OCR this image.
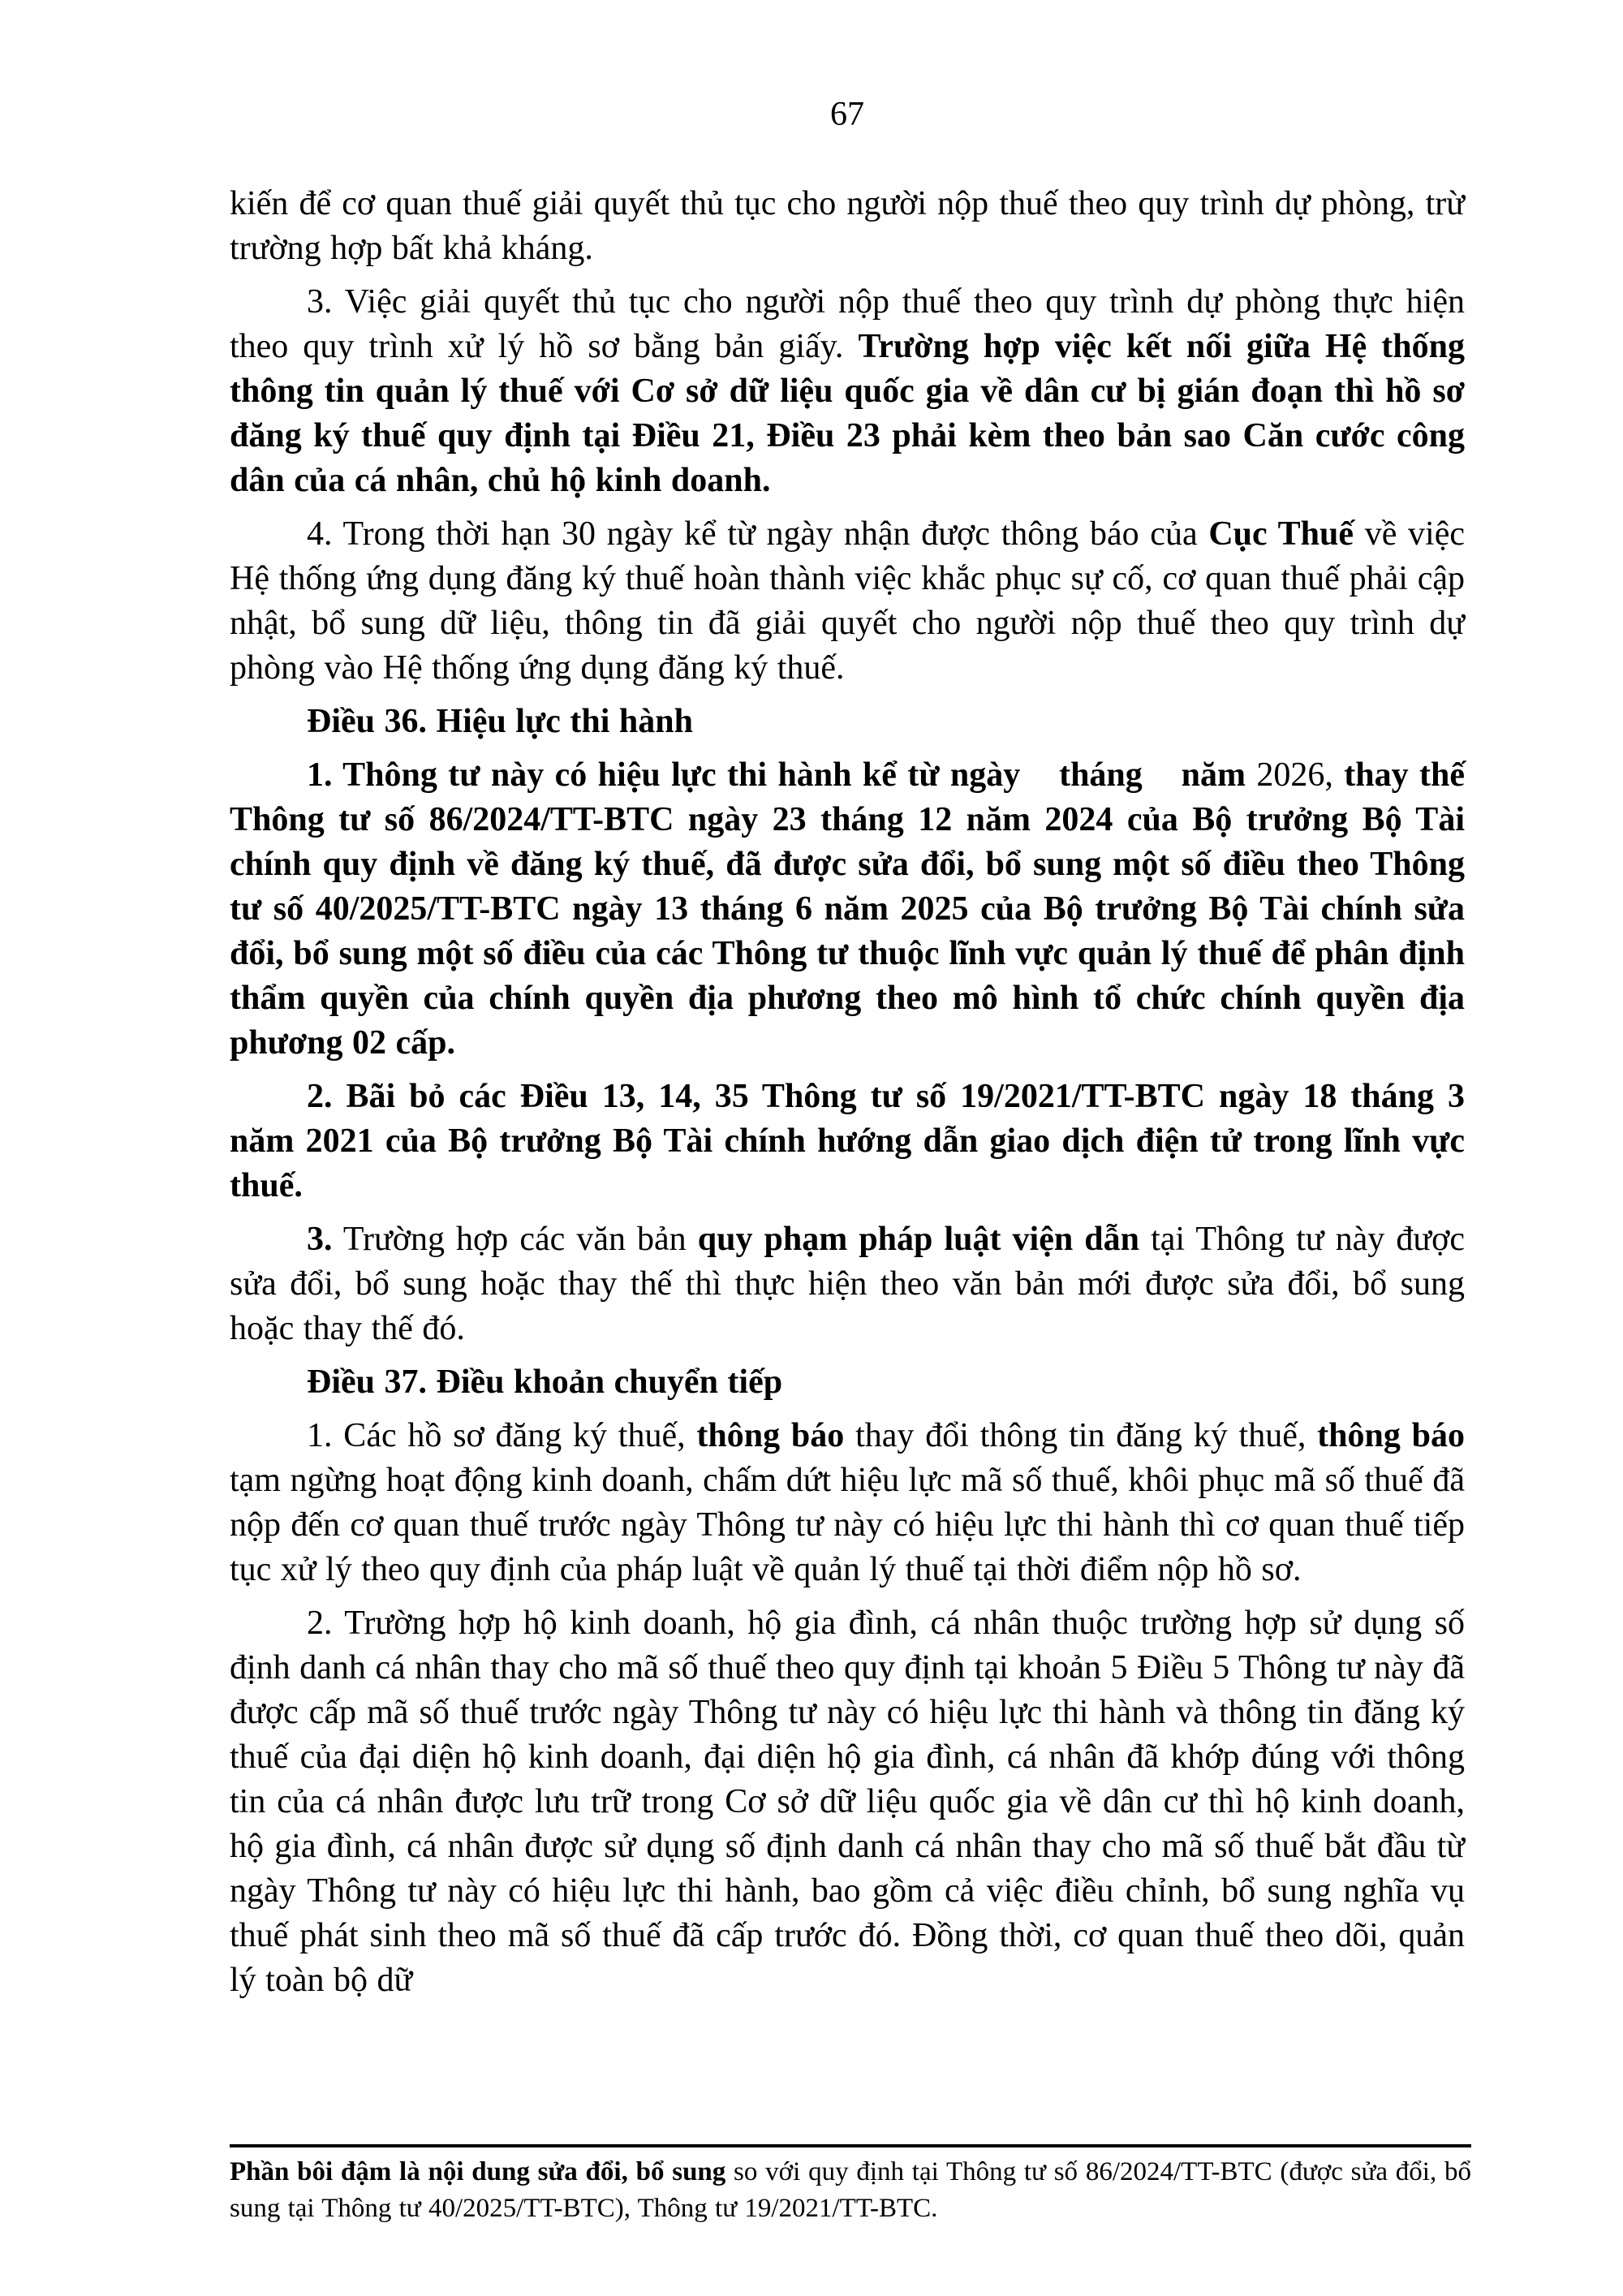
67
kiến để cơ quan thuế giải quyết thủ tục cho người nộp thuế theo quy trình dự phòng, trừ trường hợp bất khả kháng.
3. Việc giải quyết thủ tục cho người nộp thuế theo quy trình dự phòng thực hiện theo quy trình xử lý hồ sơ bằng bản giấy. Trường hợp việc kết nối giữa Hệ thống thông tin quản lý thuế với Cơ sở dữ liệu quốc gia về dân cư bị gián đoạn thì hồ sơ đăng ký thuế quy định tại Điều 21, Điều 23 phải kèm theo bản sao Căn cước công dân của cá nhân, chủ hộ kinh doanh.
4. Trong thời hạn 30 ngày kể từ ngày nhận được thông báo của Cục Thuế về việc Hệ thống ứng dụng đăng ký thuế hoàn thành việc khắc phục sự cố, cơ quan thuế phải cập nhật, bổ sung dữ liệu, thông tin đã giải quyết cho người nộp thuế theo quy trình dự phòng vào Hệ thống ứng dụng đăng ký thuế.
Điều 36. Hiệu lực thi hành
1. Thông tư này có hiệu lực thi hành kể từ ngày   tháng   năm 2026, thay thế Thông tư số 86/2024/TT-BTC ngày 23 tháng 12 năm 2024 của Bộ trưởng Bộ Tài chính quy định về đăng ký thuế, đã được sửa đổi, bổ sung một số điều theo Thông tư số 40/2025/TT-BTC ngày 13 tháng 6 năm 2025 của Bộ trưởng Bộ Tài chính sửa đổi, bổ sung một số điều của các Thông tư thuộc lĩnh vực quản lý thuế để phân định thẩm quyền của chính quyền địa phương theo mô hình tổ chức chính quyền địa phương 02 cấp.
2. Bãi bỏ các Điều 13, 14, 35 Thông tư số 19/2021/TT-BTC ngày 18 tháng 3 năm 2021 của Bộ trưởng Bộ Tài chính hướng dẫn giao dịch điện tử trong lĩnh vực thuế.
3. Trường hợp các văn bản quy phạm pháp luật viện dẫn tại Thông tư này được sửa đổi, bổ sung hoặc thay thế thì thực hiện theo văn bản mới được sửa đổi, bổ sung hoặc thay thế đó.
Điều 37. Điều khoản chuyển tiếp
1. Các hồ sơ đăng ký thuế, thông báo thay đổi thông tin đăng ký thuế, thông báo tạm ngừng hoạt động kinh doanh, chấm dứt hiệu lực mã số thuế, khôi phục mã số thuế đã nộp đến cơ quan thuế trước ngày Thông tư này có hiệu lực thi hành thì cơ quan thuế tiếp tục xử lý theo quy định của pháp luật về quản lý thuế tại thời điểm nộp hồ sơ.
2. Trường hợp hộ kinh doanh, hộ gia đình, cá nhân thuộc trường hợp sử dụng số định danh cá nhân thay cho mã số thuế theo quy định tại khoản 5 Điều 5 Thông tư này đã được cấp mã số thuế trước ngày Thông tư này có hiệu lực thi hành và thông tin đăng ký thuế của đại diện hộ kinh doanh, đại diện hộ gia đình, cá nhân đã khớp đúng với thông tin của cá nhân được lưu trữ trong Cơ sở dữ liệu quốc gia về dân cư thì hộ kinh doanh, hộ gia đình, cá nhân được sử dụng số định danh cá nhân thay cho mã số thuế bắt đầu từ ngày Thông tư này có hiệu lực thi hành, bao gồm cả việc điều chỉnh, bổ sung nghĩa vụ thuế phát sinh theo mã số thuế đã cấp trước đó. Đồng thời, cơ quan thuế theo dõi, quản lý toàn bộ dữ
Phần bôi đậm là nội dung sửa đổi, bổ sung so với quy định tại Thông tư số 86/2024/TT-BTC (được sửa đổi, bổ sung tại Thông tư 40/2025/TT-BTC), Thông tư 19/2021/TT-BTC.
